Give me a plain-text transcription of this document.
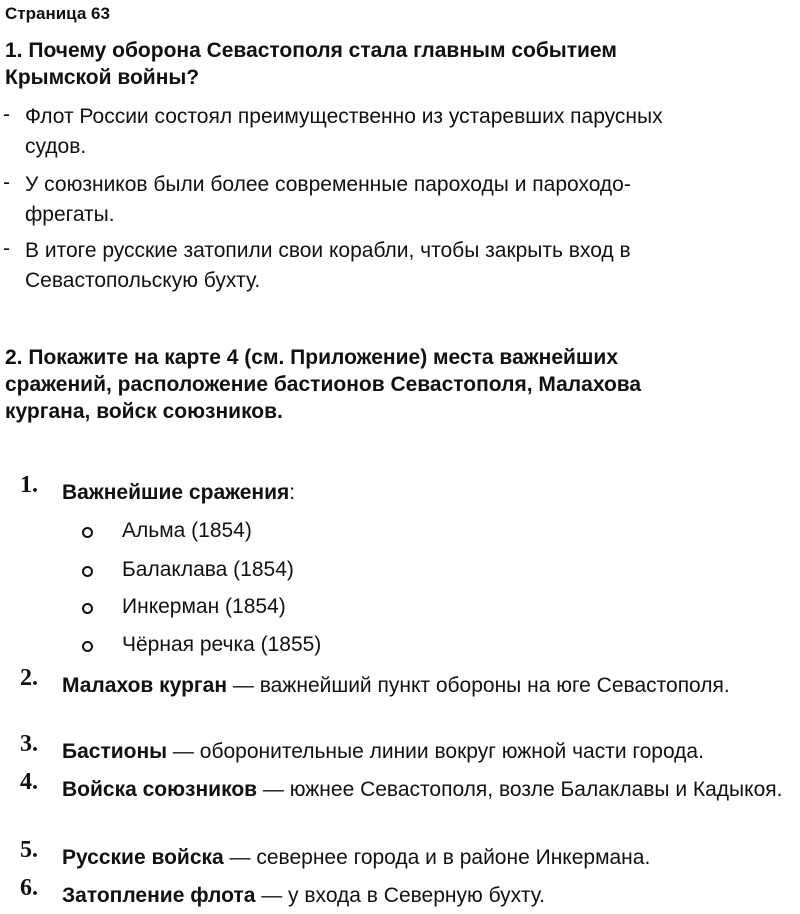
Страница 63
1. Почему оборона Севастополя стала главным событием
Крымской войны?
- Флот России состоял преимущественно из устаревших парусных
судов.
- У союзников были более современные пароходы и пароходо-
фрегаты.
- В итоге русские затопили свои корабли, чтобы закрыть вход в
Севастопольскую бухту.
2. Покажите на карте 4 (см. Приложение) места важнейших
сражений, расположение бастионов Севастополя, Малахова
кургана, войск союзников.
1. Важнейшие сражения:
Альма (1854)
Балаклава (1854)
Инкерман (1854)
Чёрная речка (1855)
2. Малахов курган — важнейший пункт обороны на юге Севастополя.
3. Бастионы — оборонительные линии вокруг южной части города.
4. Войска союзников — южнее Севастополя, возле Балаклавы и Кадыкоя.
5. Русские войска — севернее города и в районе Инкермана.
6. Затопление флота — у входа в Северную бухту.
